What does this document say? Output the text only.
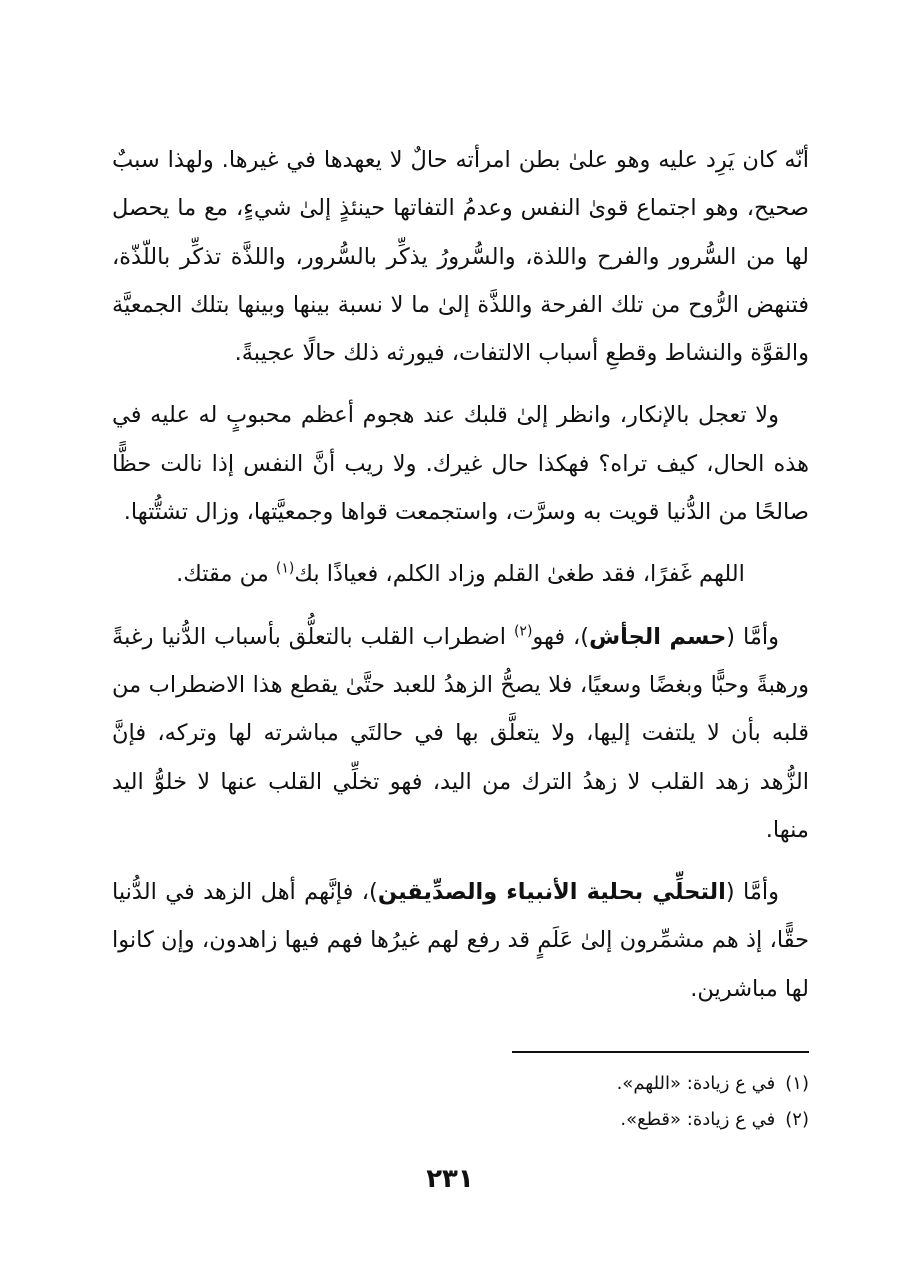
أنّه كان يَرِد عليه وهو علىٰ بطن امرأته حالٌ لا يعهدها في غيرها. ولهذا سببٌ صحيح، وهو اجتماع قوىٰ النفس وعدمُ التفاتها حينئذٍ إلىٰ شيءٍ، مع ما يحصل لها من السُّرور والفرح واللذة، والسُّرورُ يذكِّر بالسُّرور، واللذَّة تذكِّر باللّذّة، فتنهض الرُّوح من تلك الفرحة واللذَّة إلىٰ ما لا نسبة بينها وبينها بتلك الجمعيَّة والقوَّة والنشاط وقطعِ أسباب الالتفات، فيورثه ذلك حالًا عجيبةً.

ولا تعجل بالإنكار، وانظر إلىٰ قلبك عند هجوم أعظم محبوبٍ له عليه في هذه الحال، كيف تراه؟ فهكذا حال غيرك. ولا ريب أنَّ النفس إذا نالت حظًّا صالحًا من الدُّنيا قويت به وسرَّت، واستجمعت قواها وجمعيَّتها، وزال تشتُّتها.

اللهم غَفرًا، فقد طغىٰ القلم وزاد الكلم، فعياذًا بك$^{(١)}$ من مقتك.

وأمَّا (حسم الجأش)، فهو$^{(٢)}$ اضطراب القلب بالتعلُّق بأسباب الدُّنيا رغبةً ورهبةً وحبًّا وبغضًا وسعيًا، فلا يصحُّ الزهدُ للعبد حتَّىٰ يقطع هذا الاضطراب من قلبه بأن لا يلتفت إليها، ولا يتعلَّق بها في حالتَي مباشرته لها وتركه، فإنَّ الزُّهد زهد القلب لا زهدُ الترك من اليد، فهو تخلِّي القلب عنها لا خلوُّ اليد منها.

وأمَّا (التحلِّي بحلية الأنبياء والصدِّيقين)، فإنَّهم أهل الزهد في الدُّنيا حقًّا، إذ هم مشمِّرون إلىٰ عَلَمٍ قد رفع لهم غيرُها فهم فيها زاهدون، وإن كانوا لها مباشرين.

(١)في ع زيادة: «اللهم».

(٢)في ع زيادة: «قطع».

٢٣١
